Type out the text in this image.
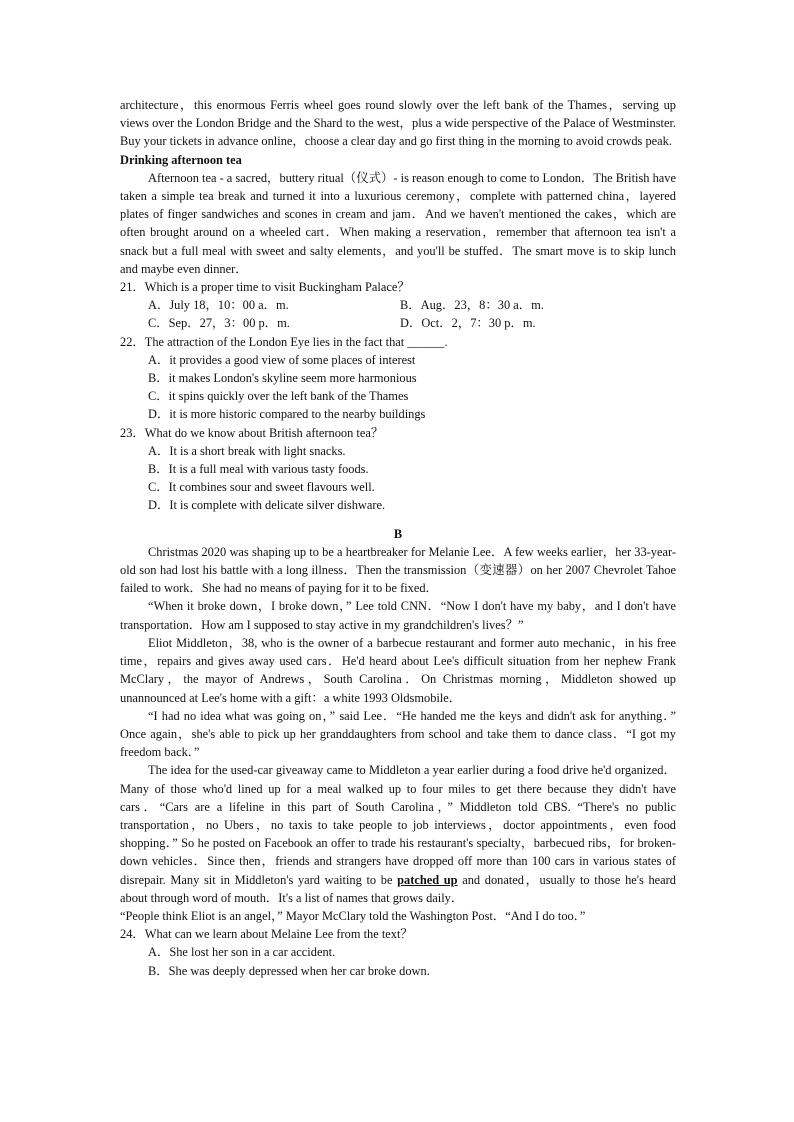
architecture，this enormous Ferris wheel goes round slowly over the left bank of the Thames，serving up views over the London Bridge and the Shard to the west，plus a wide perspective of the Palace of Westminster. Buy your tickets in advance online，choose a clear day and go first thing in the morning to avoid crowds peak.

Drinking afternoon tea

Afternoon tea - a sacred，buttery ritual（仪式）- is reason enough to come to London．The British have taken a simple tea break and turned it into a luxurious ceremony，complete with patterned china，layered plates of finger sandwiches and scones in cream and jam．And we haven't mentioned the cakes，which are often brought around on a wheeled cart．When making a reservation，remember that afternoon tea isn't a snack but a full meal with sweet and salty elements，and you'll be stuffed．The smart move is to skip lunch and maybe even dinner．

21．Which is a proper time to visit Buckingham Palace？

A．July 18，10：00 a．m.	B．Aug．23，8：30 a．m.
C．Sep．27，3：00 p．m.	D．Oct．2，7：30 p．m.

22．The attraction of the London Eye lies in the fact that ______.

A．it provides a good view of some places of interest

B．it makes London's skyline seem more harmonious

C．it spins quickly over the left bank of the Thames

D．it is more historic compared to the nearby buildings

23．What do we know about British afternoon tea？

A．It is a short break with light snacks.

B．It is a full meal with various tasty foods.

C．It combines sour and sweet flavours well.

D．It is complete with delicate silver dishware.

B

Christmas 2020 was shaping up to be a heartbreaker for Melanie Lee．A few weeks earlier，her 33-year-old son had lost his battle with a long illness．Then the transmission（变速器）on her 2007 Chevrolet Tahoe failed to work．She had no means of paying for it to be fixed．

“When it broke down，I broke down，” Lee told CNN．“Now I don't have my baby，and I don't have transportation．How am I supposed to stay active in my grandchildren's lives？”

Eliot Middleton，38, who is the owner of a barbecue restaurant and former auto mechanic，in his free time，repairs and gives away used cars．He'd heard about Lee's difficult situation from her nephew Frank McClary，the mayor of Andrews，South Carolina．On Christmas morning，Middleton showed up unannounced at Lee's home with a gift：a white 1993 Oldsmobile．

“I had no idea what was going on，” said Lee．“He handed me the keys and didn't ask for anything．” Once again，she's able to pick up her granddaughters from school and take them to dance class．“I got my freedom back．”

The idea for the used-car giveaway came to Middleton a year earlier during a food drive he'd organized．Many of those who'd lined up for a meal walked up to four miles to get there because they didn't have cars．“Cars are a lifeline in this part of South Carolina，” Middleton told CBS. “There's no public transportation，no Ubers，no taxis to take people to job interviews，doctor appointments，even food shopping．” So he posted on Facebook an offer to trade his restaurant's specialty，barbecued ribs，for broken-down vehicles．Since then，friends and strangers have dropped off more than 100 cars in various states of disrepair. Many sit in Middleton's yard waiting to be patched up and donated，usually to those he's heard about through word of mouth．It's a list of names that grows daily．

“People think Eliot is an angel，” Mayor McClary told the Washington Post．“And I do too．”

24．What can we learn about Melaine Lee from the text？

A．She lost her son in a car accident.

B．She was deeply depressed when her car broke down.
